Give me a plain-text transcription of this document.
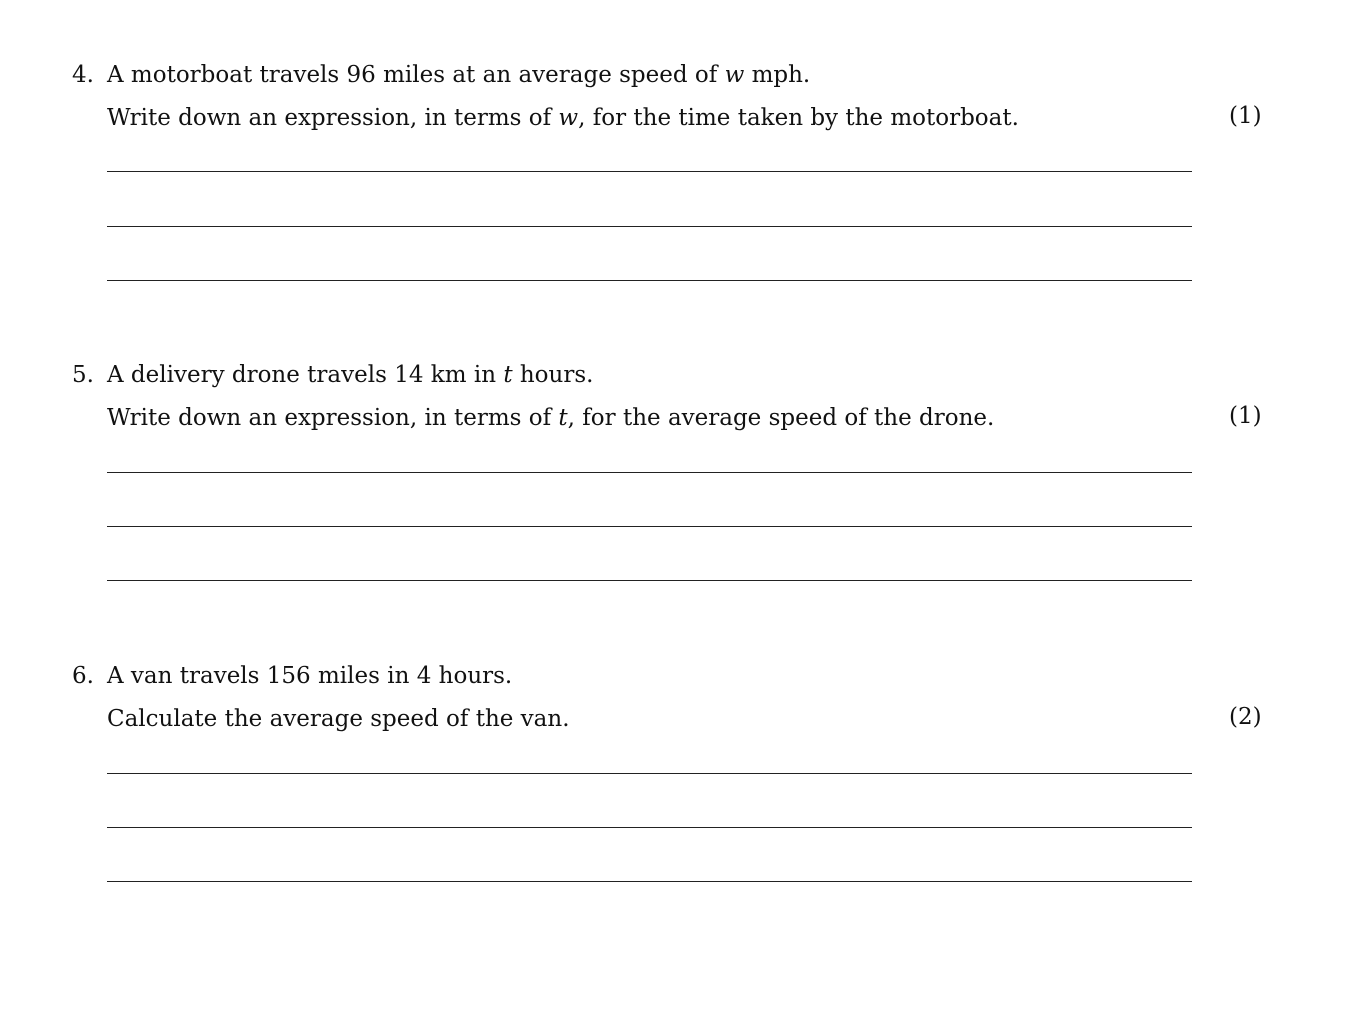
4. A motorboat travels 96 miles at an average speed of w mph.
Write down an expression, in terms of w, for the time taken by the motorboat.	(1)
5. A delivery drone travels 14 km in t hours.
Write down an expression, in terms of t, for the average speed of the drone.	(1)
6. A van travels 156 miles in 4 hours.
Calculate the average speed of the van.	(2)
